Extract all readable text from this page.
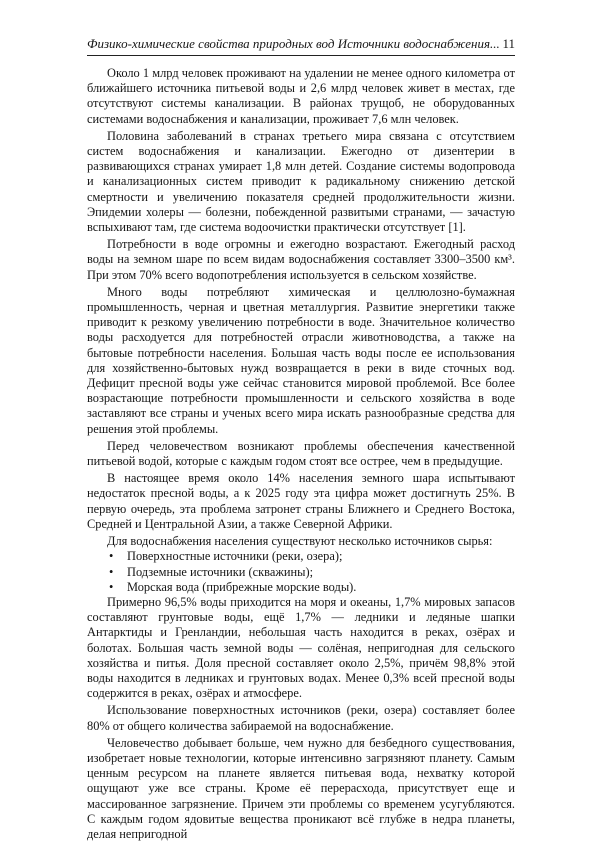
Физико-химические свойства природных вод Источники водоснабжения... 11

Около 1 млрд человек проживают на удалении не менее одного километра от ближайшего источника питьевой воды и 2,6 млрд человек живет в местах, где отсутствуют системы канализации. В районах трущоб, не оборудованных системами водоснабжения и канализации, проживает 7,6 млн человек.

Половина заболеваний в странах третьего мира связана с отсутствием систем водоснабжения и канализации. Ежегодно от дизентерии в развивающихся странах умирает 1,8 млн детей. Создание системы водопровода и канализационных систем приводит к радикальному снижению детской смертности и увеличению показателя средней продолжительности жизни. Эпидемии холеры — болезни, побежденной развитыми странами, — зачастую вспыхивают там, где система водоочистки практически отсутствует [1].

Потребности в воде огромны и ежегодно возрастают. Ежегодный расход воды на земном шаре по всем видам водоснабжения составляет 3300–3500 км³. При этом 70% всего водопотребления используется в сельском хозяйстве.

Много воды потребляют химическая и целлюлозно-бумажная промышленность, черная и цветная металлургия. Развитие энергетики также приводит к резкому увеличению потребности в воде. Значительное количество воды расходуется для потребностей отрасли животноводства, а также на бытовые потребности населения. Большая часть воды после ее использования для хозяйственно-бытовых нужд возвращается в реки в виде сточных вод. Дефицит пресной воды уже сейчас становится мировой проблемой. Все более возрастающие потребности промышленности и сельского хозяйства в воде заставляют все страны и ученых всего мира искать разнообразные средства для решения этой проблемы.

Перед человечеством возникают проблемы обеспечения качественной питьевой водой, которые с каждым годом стоят все острее, чем в предыдущие.

В настоящее время около 14% населения земного шара испытывают недостаток пресной воды, а к 2025 году эта цифра может достигнуть 25%. В первую очередь, эта проблема затронет страны Ближнего и Среднего Востока, Средней и Центральной Азии, а также Северной Африки.

Для водоснабжения населения существуют несколько источников сырья:

• Поверхностные источники (реки, озера);
• Подземные источники (скважины);
• Морская вода (прибрежные морские воды).

Примерно 96,5% воды приходится на моря и океаны, 1,7% мировых запасов составляют грунтовые воды, ещё 1,7% — ледники и ледяные шапки Антарктиды и Гренландии, небольшая часть находится в реках, озёрах и болотах. Большая часть земной воды — солёная, непригодная для сельского хозяйства и питья. Доля пресной составляет около 2,5%, причём 98,8% этой воды находится в ледниках и грунтовых водах. Менее 0,3% всей пресной воды содержится в реках, озёрах и атмосфере.

Использование поверхностных источников (реки, озера) составляет более 80% от общего количества забираемой на водоснабжение.

Человечество добывает больше, чем нужно для безбедного существования, изобретает новые технологии, которые интенсивно загрязняют планету. Самым ценным ресурсом на планете является питьевая вода, нехватку которой ощущают уже все страны. Кроме её перерасхода, присутствует еще и массированное загрязнение. Причем эти проблемы со временем усугубляются. С каждым годом ядовитые вещества проникают всё глубже в недра планеты, делая непригодной
